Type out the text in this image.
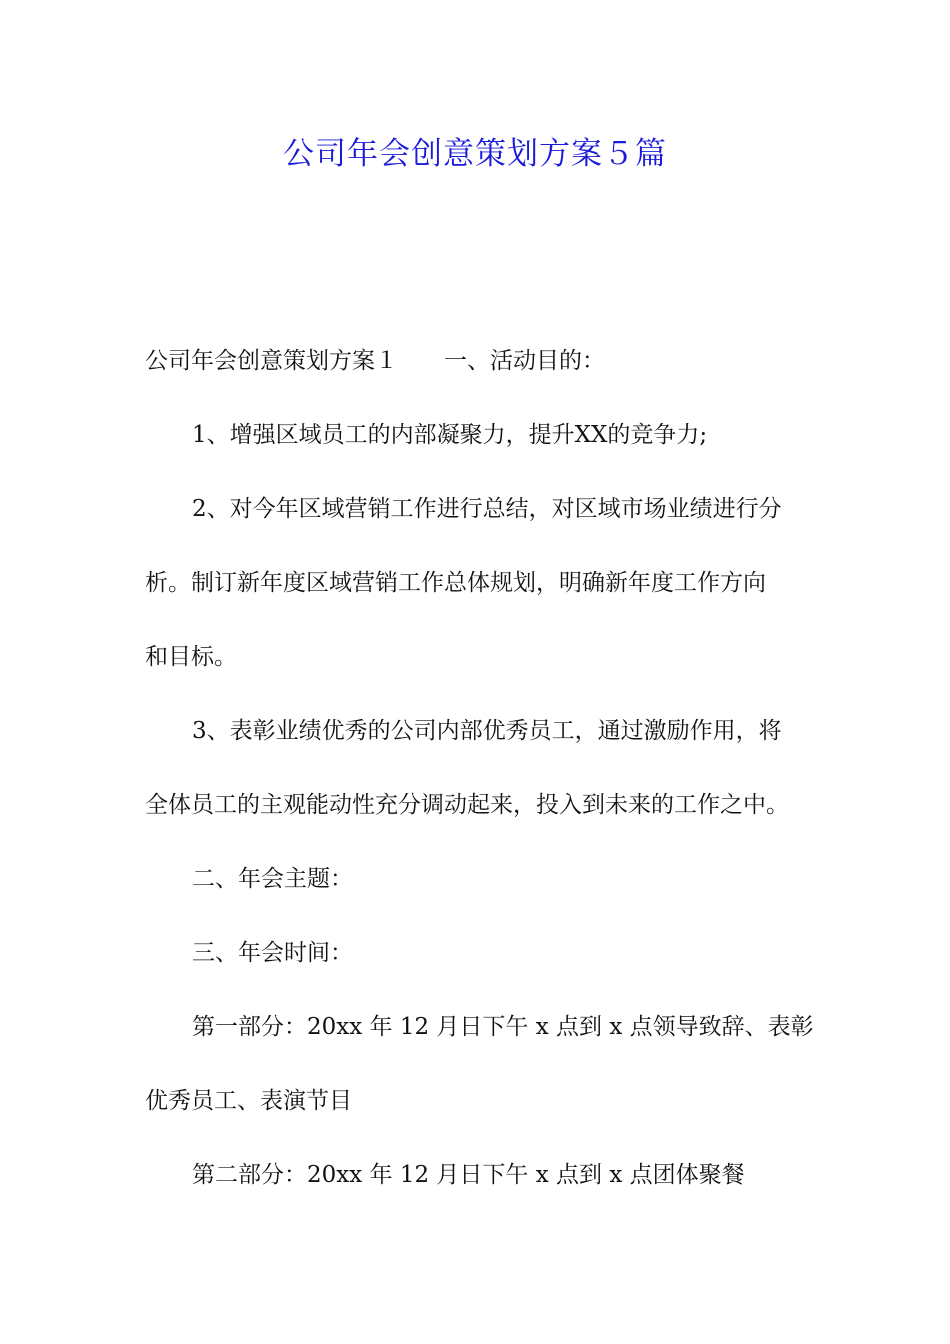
公司年会创意策划方案５篇

公司年会创意策划方案１ 一、活动目的：

1、增强区域员工的内部凝聚力，提升XX的竞争力;

2、对今年区域营销工作进行总结，对区域市场业绩进行分

析。制订新年度区域营销工作总体规划，明确新年度工作方向

和目标。

3、表彰业绩优秀的公司内部优秀员工，通过激励作用，将

全体员工的主观能动性充分调动起来，投入到未来的工作之中。

二、年会主题：

三、年会时间：

第一部分：20xx 年 12 月日下午 x 点到 x 点领导致辞、表彰

优秀员工、表演节目

第二部分：20xx 年 12 月日下午 x 点到 x 点团体聚餐
